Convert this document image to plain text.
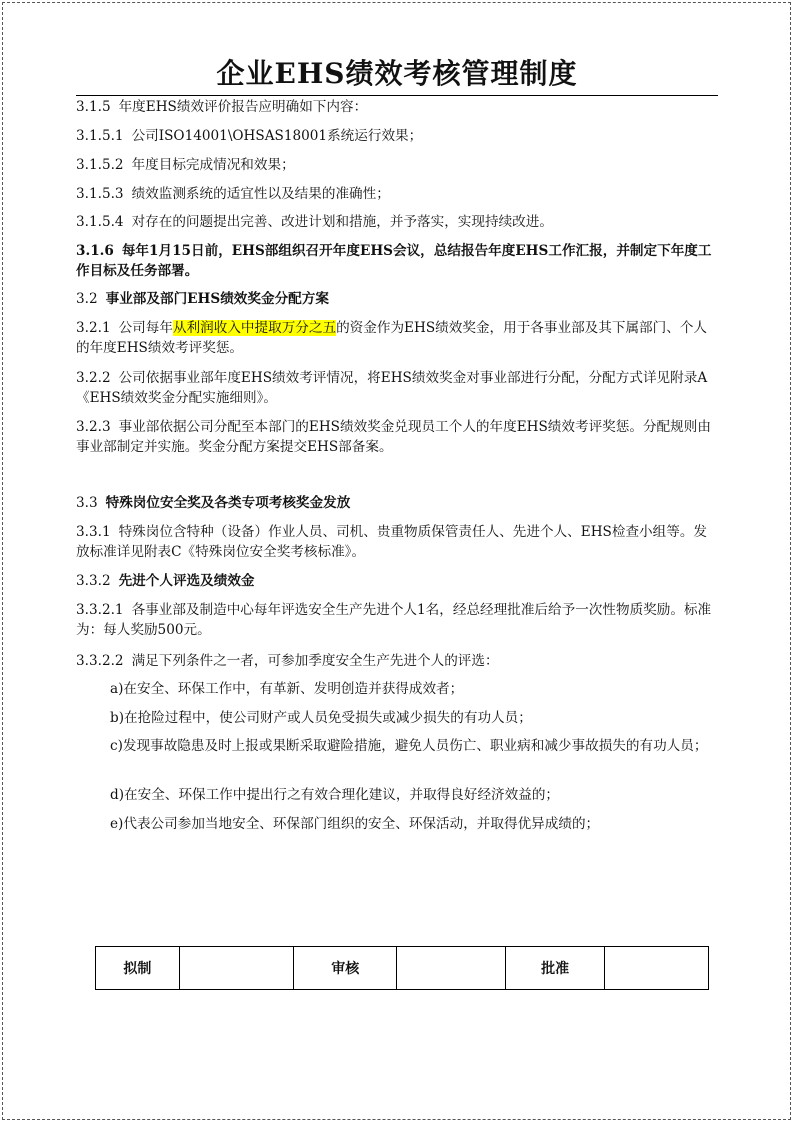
企业EHS绩效考核管理制度
3.1.5 年度EHS绩效评价报告应明确如下内容：
3.1.5.1 公司ISO14001\OHSAS18001系统运行效果；
3.1.5.2 年度目标完成情况和效果；
3.1.5.3 绩效监测系统的适宜性以及结果的准确性；
3.1.5.4 对存在的问题提出完善、改进计划和措施，并予落实，实现持续改进。
3.1.6 每年1月15日前，EHS部组织召开年度EHS会议，总结报告年度EHS工作汇报，并制定下年度工作目标及任务部署。
3.2 事业部及部门EHS绩效奖金分配方案
3.2.1 公司每年从利润收入中提取万分之五的资金作为EHS绩效奖金，用于各事业部及其下属部门、个人的年度EHS绩效考评奖惩。
3.2.2 公司依据事业部年度EHS绩效考评情况，将EHS绩效奖金对事业部进行分配，分配方式详见附录A《EHS绩效奖金分配实施细则》。
3.2.3 事业部依据公司分配至本部门的EHS绩效奖金兑现员工个人的年度EHS绩效考评奖惩。分配规则由事业部制定并实施。奖金分配方案提交EHS部备案。
3.3 特殊岗位安全奖及各类专项考核奖金发放
3.3.1 特殊岗位含特种（设备）作业人员、司机、贵重物质保管责任人、先进个人、EHS检查小组等。发放标准详见附表C《特殊岗位安全奖考核标准》。
3.3.2 先进个人评选及绩效金
3.3.2.1 各事业部及制造中心每年评选安全生产先进个人1名，经总经理批准后给予一次性物质奖励。标准为：每人奖励500元。
3.3.2.2 满足下列条件之一者，可参加季度安全生产先进个人的评选：
a)在安全、环保工作中，有革新、发明创造并获得成效者；
b)在抢险过程中，使公司财产或人员免受损失或减少损失的有功人员；
c)发现事故隐患及时上报或果断采取避险措施，避免人员伤亡、职业病和减少事故损失的有功人员；
d)在安全、环保工作中提出行之有效合理化建议，并取得良好经济效益的；
e)代表公司参加当地安全、环保部门组织的安全、环保活动，并取得优异成绩的；
拟制		审核		批准	
